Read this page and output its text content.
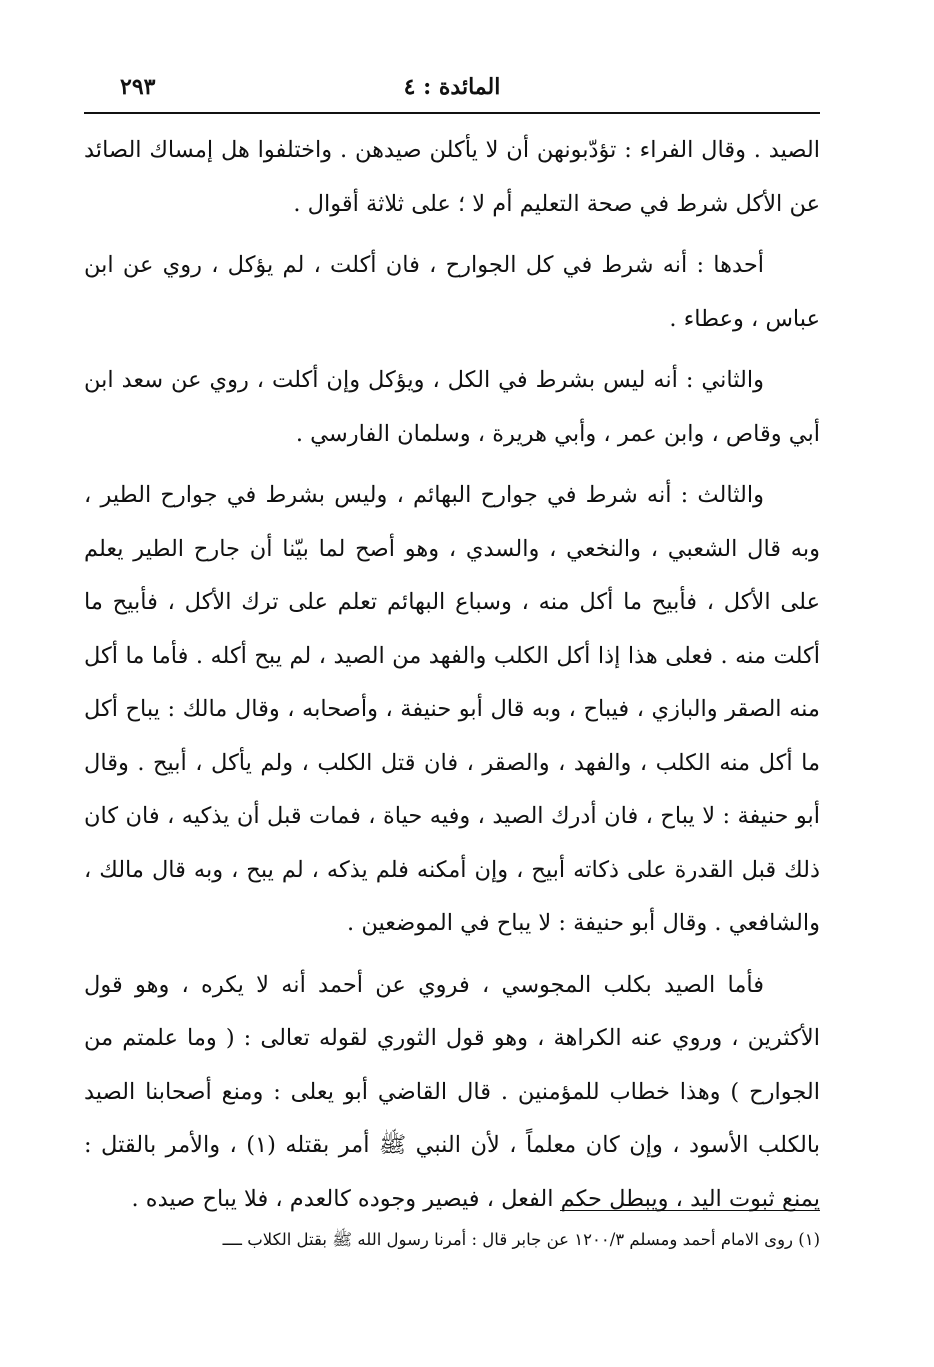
المائدة : ٤
٢٩٣

الصيد . وقال الفراء : تؤدّبونهن أن لا يأكلن صيدهن . واختلفوا هل إمساك الصائد عن الأكل شرط في صحة التعليم أم لا ؛ على ثلاثة أقوال .

أحدها : أنه شرط في كل الجوارح ، فان أكلت ، لم يؤكل ، روي عن ابن عباس ، وعطاء .

والثاني : أنه ليس بشرط في الكل ، ويؤكل وإن أكلت ، روي عن سعد ابن أبي وقاص ، وابن عمر ، وأبي هريرة ، وسلمان الفارسي .

والثالث : أنه شرط في جوارح البهائم ، وليس بشرط في جوارح الطير ، وبه قال الشعبي ، والنخعي ، والسدي ، وهو أصح لما بيّنا أن جارح الطير يعلم على الأكل ، فأبيح ما أكل منه ، وسباع البهائم تعلم على ترك الأكل ، فأبيح ما أكلت منه . فعلى هذا إذا أكل الكلب والفهد من الصيد ، لم يبح أكله . فأما ما أكل منه الصقر والبازي ، فيباح ، وبه قال أبو حنيفة ، وأصحابه ، وقال مالك : يباح أكل ما أكل منه الكلب ، والفهد ، والصقر ، فان قتل الكلب ، ولم يأكل ، أبيح . وقال أبو حنيفة : لا يباح ، فان أدرك الصيد ، وفيه حياة ، فمات قبل أن يذكيه ، فان كان ذلك قبل القدرة على ذكاته أبيح ، وإن أمكنه فلم يذكه ، لم يبح ، وبه قال مالك ، والشافعي . وقال أبو حنيفة : لا يباح في الموضعين .

فأما الصيد بكلب المجوسي ، فروي عن أحمد أنه لا يكره ، وهو قول الأكثرين ، وروي عنه الكراهة ، وهو قول الثوري لقوله تعالى : ( وما علمتم من الجوارح ) وهذا خطاب للمؤمنين . قال القاضي أبو يعلى : ومنع أصحابنا الصيد بالكلب الأسود ، وإن كان معلماً ، لأن النبي ﷺ أمر بقتله (١) ، والأمر بالقتل : يمنع ثبوت اليد ، ويبطل حكم الفعل ، فيصير وجوده كالعدم ، فلا يباح صيده .

(١) روى الامام أحمد ومسلم ١٢٠٠/٣ عن جابر قال : أمرنا رسول الله ﷺ بقتل الكلاب ــــ
